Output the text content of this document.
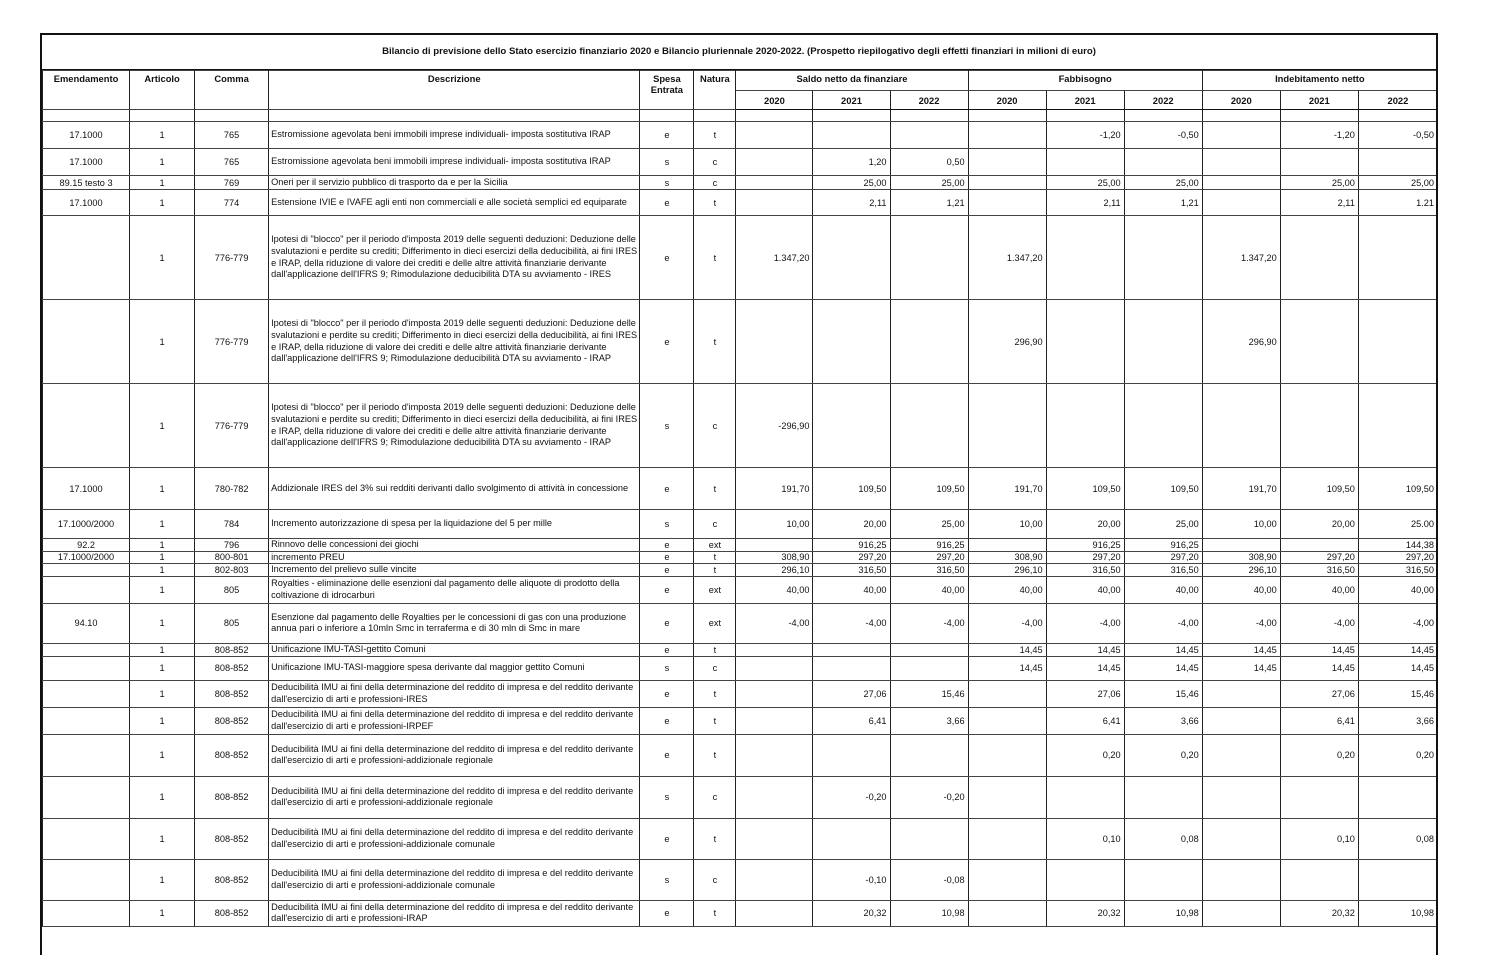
Bilancio di previsione dello Stato esercizio finanziario 2020 e Bilancio pluriennale 2020-2022. (Prospetto riepilogativo degli effetti finanziari in milioni di euro)
Emendamento	Articolo	Comma	Descrizione	Spesa Entrata	Natura	Saldo netto da finanziare			Fabbisogno			Indebitamento netto		
						2020	2021	2022	2020	2021	2022	2020	2021	2022

17.1000	1	765	Estromissione agevolata beni immobili imprese individuali- imposta sostitutiva IRAP	e	t					-1,20	-0,50		-1,20	-0,50
17.1000	1	765	Estromissione agevolata beni immobili imprese individuali- imposta sostitutiva IRAP	s	c		1,20	0,50						
89.15 testo 3	1	769	Oneri per il servizio pubblico di trasporto da e per la Sicilia	s	c		25,00	25,00		25,00	25,00		25,00	25,00
17.1000	1	774	Estensione IVIE e IVAFE agli enti non commerciali e alle società semplici ed equiparate	e	t		2,11	1,21		2,11	1,21		2,11	1.21
	1	776-779	Ipotesi di "blocco" per il periodo d'imposta 2019 delle seguenti deduzioni: Deduzione delle svalutazioni e perdite su crediti; Differimento in dieci esercizi della deducibilità, ai fini IRES e IRAP, della riduzione di valore dei crediti e delle altre attività finanziarie derivante dall'applicazione dell'IFRS 9; Rimodulazione deducibilità DTA su avviamento - IRES	e	t	1.347,20			1.347,20			1.347,20		
	1	776-779	Ipotesi di "blocco" per il periodo d'imposta 2019 delle seguenti deduzioni: Deduzione delle svalutazioni e perdite su crediti; Differimento in dieci esercizi della deducibilità, ai fini IRES e IRAP, della riduzione di valore dei crediti e delle altre attività finanziarie derivante dall'applicazione dell'IFRS 9; Rimodulazione deducibilità DTA su avviamento - IRAP	e	t				296,90			296,90		
	1	776-779	Ipotesi di "blocco" per il periodo d'imposta 2019 delle seguenti deduzioni: Deduzione delle svalutazioni e perdite su crediti; Differimento in dieci esercizi della deducibilità, ai fini IRES e IRAP, della riduzione di valore dei crediti e delle altre attività finanziarie derivante dall'applicazione dell'IFRS 9; Rimodulazione deducibilità DTA su avviamento - IRAP	s	c	-296,90								
17.1000	1	780-782	Addizionale IRES del 3% sui redditi derivanti dallo svolgimento di attività in concessione	e	t	191,70	109,50	109,50	191,70	109,50	109,50	191,70	109,50	109,50
17.1000/2000	1	784	Incremento autorizzazione di spesa per la liquidazione del 5 per mille	s	c	10,00	20,00	25,00	10,00	20,00	25,00	10,00	20,00	25.00
92.2	1	796	Rinnovo delle concessioni dei giochi	e	ext		916,25	916,25		916,25	916,25			144,38
17.1000/2000	1	800-801	incremento PREU	e	t	308,90	297,20	297,20	308,90	297,20	297,20	308,90	297,20	297,20
	1	802-803	Incremento del prelievo sulle vincite	e	t	296,10	316,50	316,50	296,10	316,50	316,50	296,10	316,50	316,50
	1	805	Royalties - eliminazione delle esenzioni dal pagamento delle aliquote di prodotto della coltivazione di idrocarburi	e	ext	40,00	40,00	40,00	40,00	40,00	40,00	40,00	40,00	40,00
94.10	1	805	Esenzione dal pagamento delle Royalties per le concessioni di gas con una produzione annua pari o inferiore a 10mln Smc in terraferma e di 30 mln di Smc in mare	e	ext	-4,00	-4,00	-4,00	-4,00	-4,00	-4,00	-4,00	-4,00	-4,00
	1	808-852	Unificazione IMU-TASI-gettito Comuni	e	t				14,45	14,45	14,45	14,45	14,45	14,45
	1	808-852	Unificazione IMU-TASI-maggiore spesa derivante dal maggior gettito Comuni	s	c				14,45	14,45	14,45	14,45	14,45	14,45
	1	808-852	Deducibilità IMU ai fini della determinazione del reddito di impresa e del reddito derivante dall'esercizio di arti e professioni-IRES	e	t		27,06	15,46		27,06	15,46		27,06	15,46
	1	808-852	Deducibilità IMU ai fini della determinazione del reddito di impresa e del reddito derivante dall'esercizio di arti e professioni-IRPEF	e	t		6,41	3,66		6,41	3,66		6,41	3,66
	1	808-852	Deducibilità IMU ai fini della determinazione del reddito di impresa e del reddito derivante dall'esercizio di arti e professioni-addizionale regionale	e	t					0,20	0,20		0,20	0,20
	1	808-852	Deducibilità IMU ai fini della determinazione del reddito di impresa e del reddito derivante dall'esercizio di arti e professioni-addizionale regionale	s	c		-0,20	-0,20						
	1	808-852	Deducibilità IMU ai fini della determinazione del reddito di impresa e del reddito derivante dall'esercizio di arti e professioni-addizionale comunale	e	t					0,10	0,08		0,10	0,08
	1	808-852	Deducibilità IMU ai fini della determinazione del reddito di impresa e del reddito derivante dall'esercizio di arti e professioni-addizionale comunale	s	c		-0,10	-0,08						
	1	808-852	Deducibilità IMU ai fini della determinazione del reddito di impresa e del reddito derivante dall'esercizio di arti e professioni-IRAP	e	t		20,32	10,98		20,32	10,98		20,32	10,98
